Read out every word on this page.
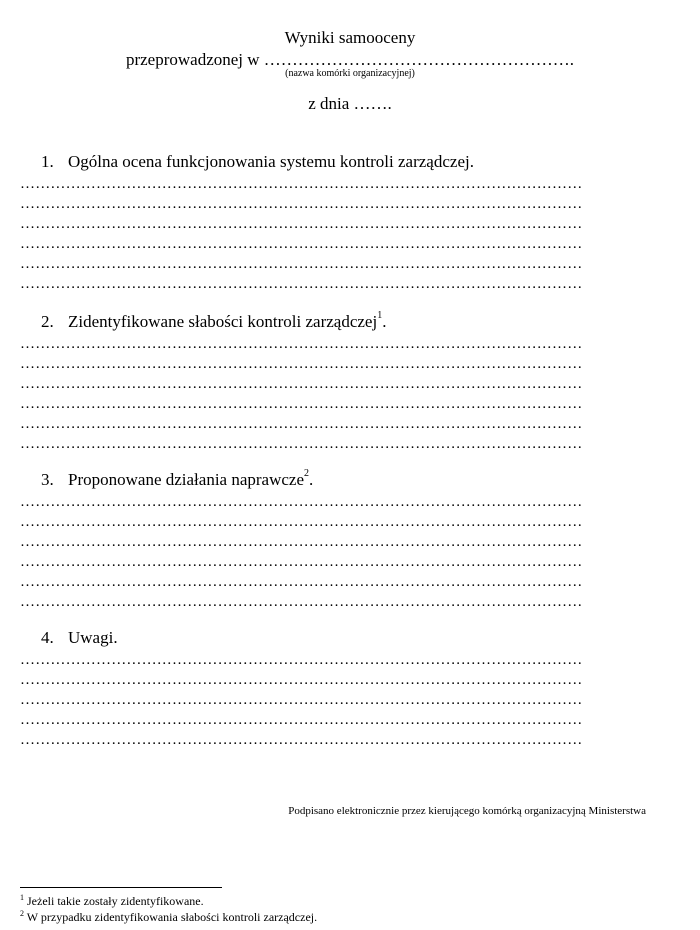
Wyniki samooceny
przeprowadzonej w ……………………………………………….
(nazwa komórki organizacyjnej)
z dnia …….
1. Ogólna ocena funkcjonowania systemu kontroli zarządczej.
…………………………………………………………………………………………………
…………………………………………………………………………………………………
…………………………………………………………………………………………………
…………………………………………………………………………………………………
…………………………………………………………………………………………………
…………………………………………………………………………………………………
2. Zidentyfikowane słabości kontroli zarządczej$^1$.
…………………………………………………………………………………………………
…………………………………………………………………………………………………
…………………………………………………………………………………………………
…………………………………………………………………………………………………
…………………………………………………………………………………………………
…………………………………………………………………………………………………
3. Proponowane działania naprawcze$^2$.
…………………………………………………………………………………………………
…………………………………………………………………………………………………
…………………………………………………………………………………………………
…………………………………………………………………………………………………
…………………………………………………………………………………………………
…………………………………………………………………………………………………
4. Uwagi.
…………………………………………………………………………………………………
…………………………………………………………………………………………………
…………………………………………………………………………………………………
…………………………………………………………………………………………………
…………………………………………………………………………………………………
Podpisano elektronicznie przez kierującego komórką organizacyjną Ministerstwa
$^1$ Jeżeli takie zostały zidentyfikowane.
$^2$ W przypadku zidentyfikowania słabości kontroli zarządczej.
